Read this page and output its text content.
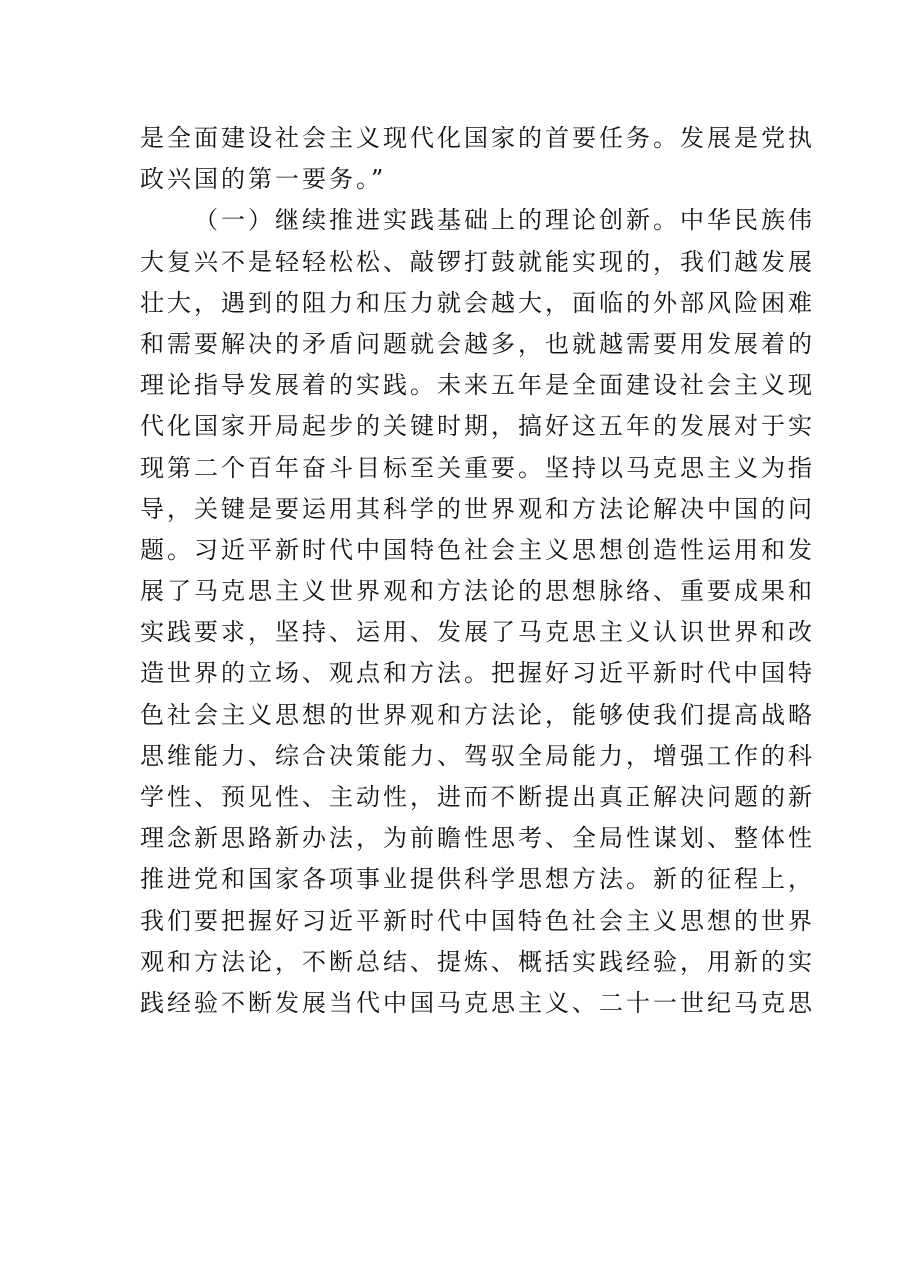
是全面建设社会主义现代化国家的首要任务。发展是党执
政兴国的第一要务。”
（一）继续推进实践基础上的理论创新。中华民族伟
大复兴不是轻轻松松、敲锣打鼓就能实现的，我们越发展
壮大，遇到的阻力和压力就会越大，面临的外部风险困难
和需要解决的矛盾问题就会越多，也就越需要用发展着的
理论指导发展着的实践。未来五年是全面建设社会主义现
代化国家开局起步的关键时期，搞好这五年的发展对于实
现第二个百年奋斗目标至关重要。坚持以马克思主义为指
导，关键是要运用其科学的世界观和方法论解决中国的问
题。习近平新时代中国特色社会主义思想创造性运用和发
展了马克思主义世界观和方法论的思想脉络、重要成果和
实践要求，坚持、运用、发展了马克思主义认识世界和改
造世界的立场、观点和方法。把握好习近平新时代中国特
色社会主义思想的世界观和方法论，能够使我们提高战略
思维能力、综合决策能力、驾驭全局能力，增强工作的科
学性、预见性、主动性，进而不断提出真正解决问题的新
理念新思路新办法，为前瞻性思考、全局性谋划、整体性
推进党和国家各项事业提供科学思想方法。新的征程上，
我们要把握好习近平新时代中国特色社会主义思想的世界
观和方法论，不断总结、提炼、概括实践经验，用新的实
践经验不断发展当代中国马克思主义、二十一世纪马克思
